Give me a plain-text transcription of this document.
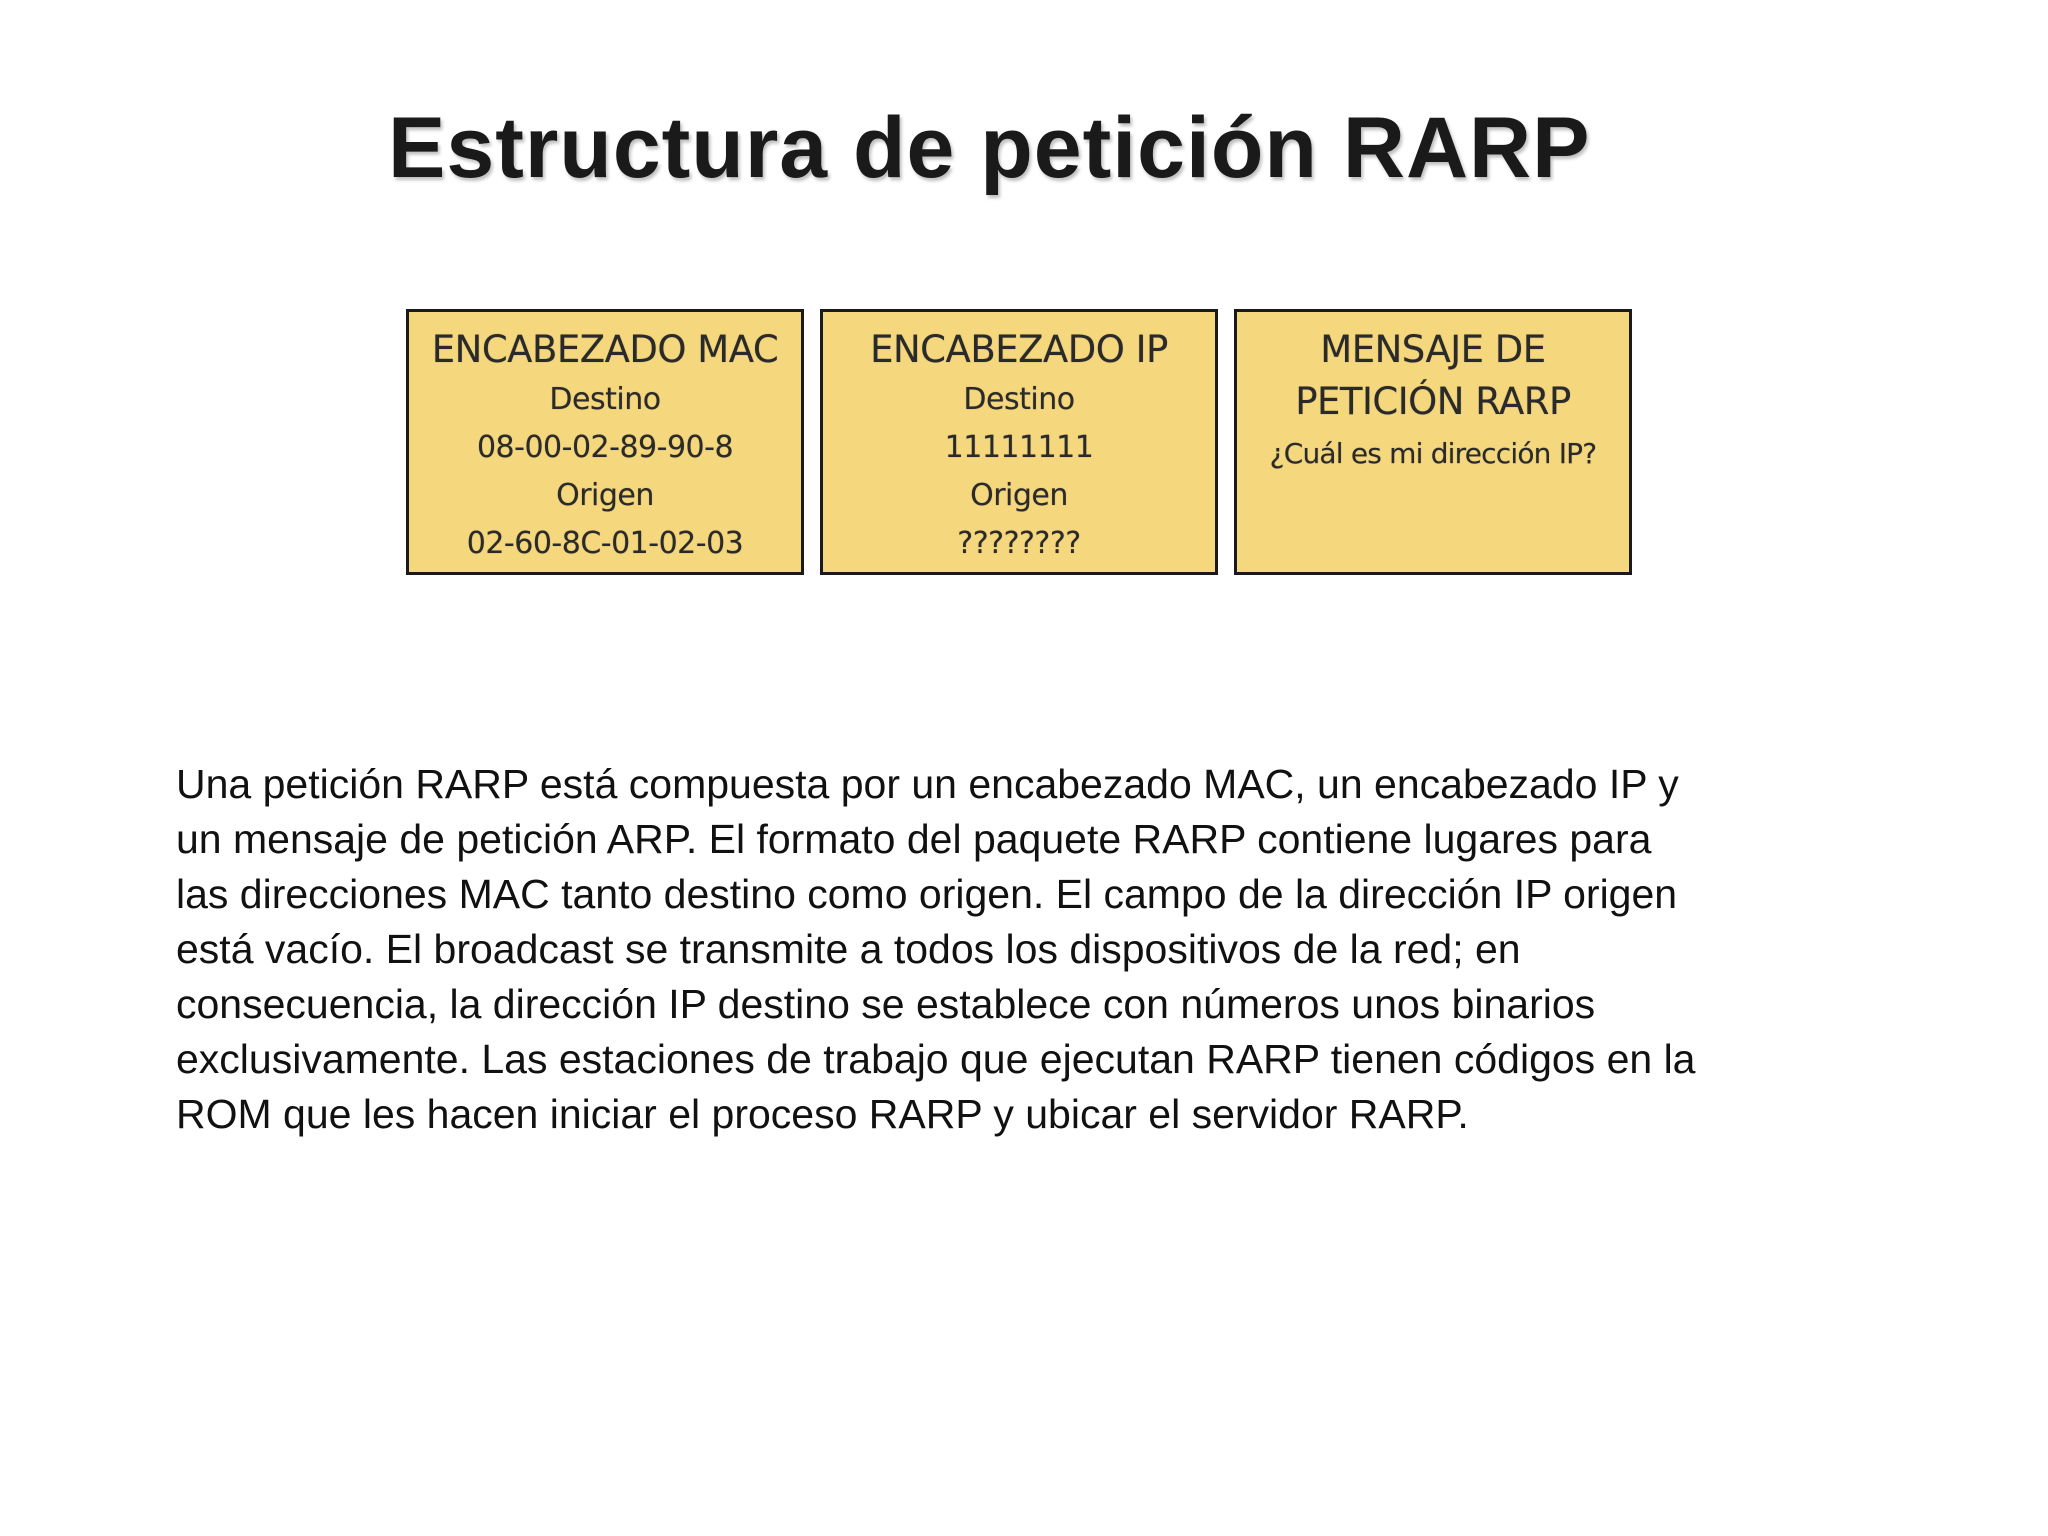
Estructura de petición RARP
ENCABEZADO MAC
Destino
08-00-02-89-90-8
Origen
02-60-8C-01-02-03
ENCABEZADO IP
Destino
11111111
Origen
????????
MENSAJE DE
PETICIÓN RARP
¿Cuál es mi dirección IP?
Una petición RARP está compuesta por un encabezado MAC, un encabezado IP y
un mensaje de petición ARP. El formato del paquete RARP contiene lugares para
las direcciones MAC tanto destino como origen. El campo de la dirección IP origen
está vacío. El broadcast se transmite a todos los dispositivos de la red; en
consecuencia, la dirección IP destino se establece con números unos binarios
exclusivamente. Las estaciones de trabajo que ejecutan RARP tienen códigos en la
ROM que les hacen iniciar el proceso RARP y ubicar el servidor RARP.
